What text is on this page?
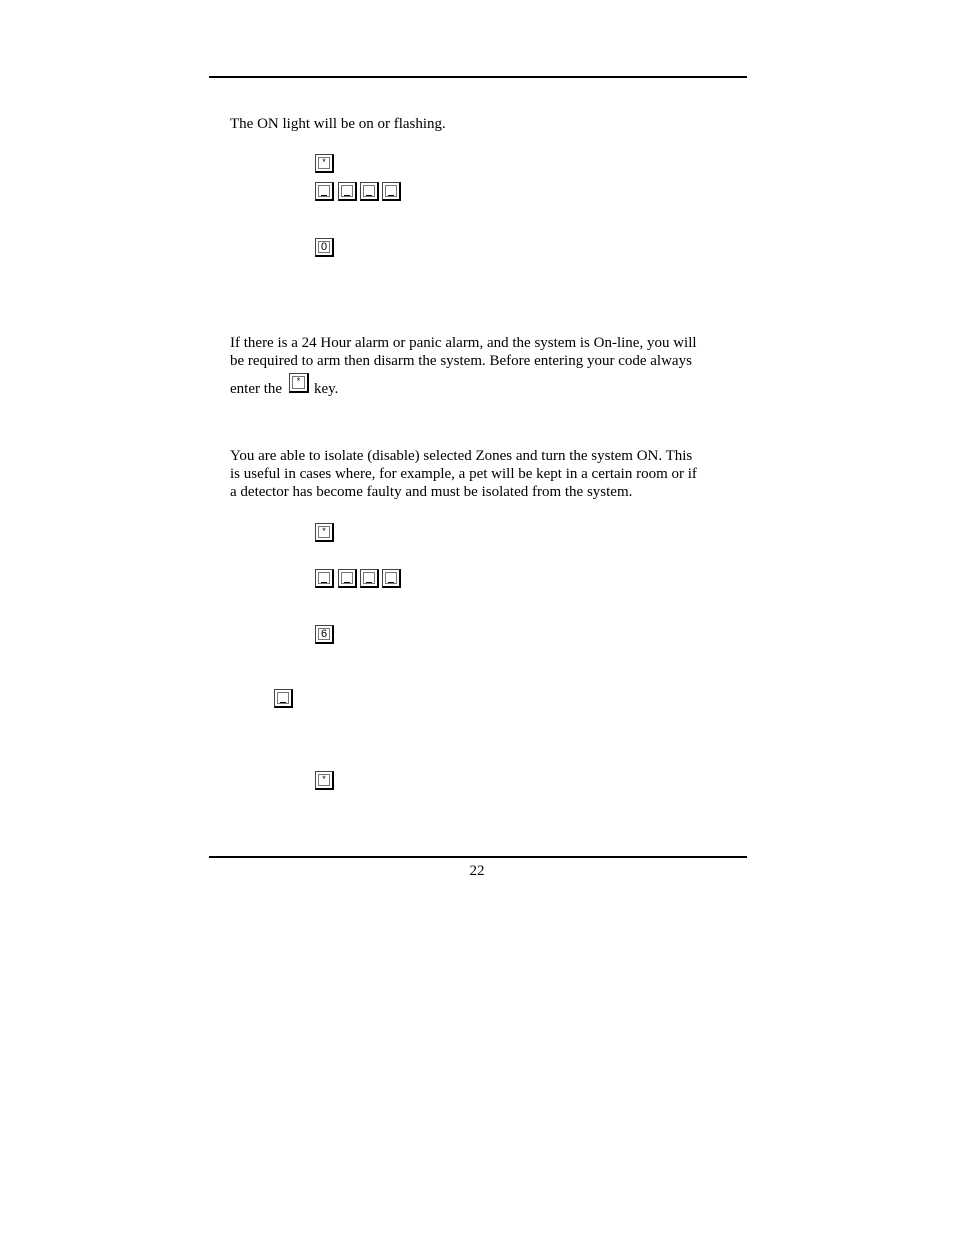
The ON light will be on or flashing.
*
0
If there is a 24 Hour alarm or panic alarm, and the system is On-line, you will
be required to arm then disarm the system. Before entering your code always
enter the	* key.
You are able to isolate (disable) selected Zones and turn the system ON. This
is useful in cases where, for example, a pet will be kept in a certain room or if
a detector has become faulty and must be isolated from the system.
*
6
*
22
